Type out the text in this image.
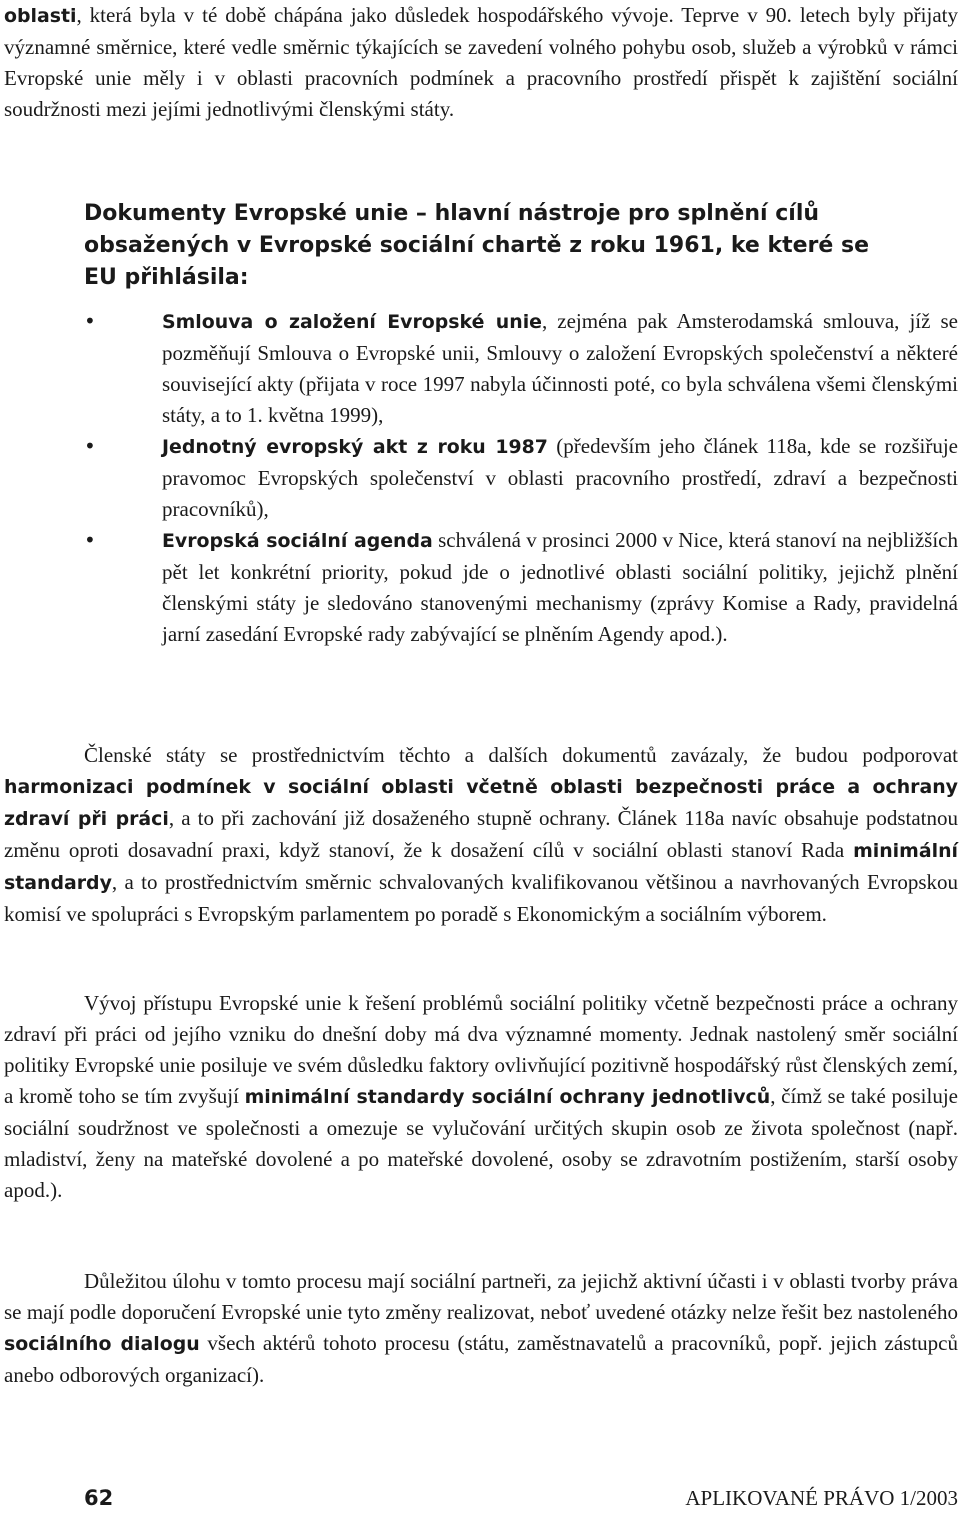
oblasti, která byla v té době chápána jako důsledek hospodářského vývoje. Teprve v 90. letech byly přijaty významné směrnice, které vedle směrnic týkajících se zavedení volného pohybu osob, služeb a výrobků v rámci Evropské unie měly i v oblasti pracovních podmínek a pracovního prostředí přispět k zajištění sociální soudržnosti mezi jejími jednotlivými členskými státy.

Dokumenty Evropské unie – hlavní nástroje pro splnění cílů obsažených v Evropské sociální chartě z roku 1961, ke které se EU přihlásila:
•	Smlouva o založení Evropské unie, zejména pak Amsterodamská smlouva, jíž se pozměňují Smlouva o Evropské unii, Smlouvy o založení Evropských společenství a některé související akty (přijata v roce 1997 nabyla účinnosti poté, co byla schválena všemi členskými státy, a to 1. května 1999),
•	Jednotný evropský akt z roku 1987 (především jeho článek 118a, kde se rozšiřuje pravomoc Evropských společenství v oblasti pracovního prostředí, zdraví a bezpečnosti pracovníků),
•	Evropská sociální agenda schválená v prosinci 2000 v Nice, která stanoví na nejbližších pět let konkrétní priority, pokud jde o jednotlivé oblasti sociální politiky, jejichž plnění členskými státy je sledováno stanovenými mechanismy (zprávy Komise a Rady, pravidelná jarní zasedání Evropské rady zabývající se plněním Agendy apod.).

Členské státy se prostřednictvím těchto a dalších dokumentů zavázaly, že budou podporovat harmonizaci podmínek v sociální oblasti včetně oblasti bezpečnosti práce a ochrany zdraví při práci, a to při zachování již dosaženého stupně ochrany. Článek 118a navíc obsahuje podstatnou změnu oproti dosavadní praxi, když stanoví, že k dosažení cílů v sociální oblasti stanoví Rada minimální standardy, a to prostřednictvím směrnic schvalovaných kvalifikovanou většinou a navrhovaných Evropskou komisí ve spolupráci s Evropským parlamentem po poradě s Ekonomickým a sociálním výborem.

Vývoj přístupu Evropské unie k řešení problémů sociální politiky včetně bezpečnosti práce a ochrany zdraví při práci od jejího vzniku do dnešní doby má dva významné momenty. Jednak nastolený směr sociální politiky Evropské unie posiluje ve svém důsledku faktory ovlivňující pozitivně hospodářský růst členských zemí, a kromě toho se tím zvyšují minimální standardy sociální ochrany jednotlivců, čímž se také posiluje sociální soudržnost ve společnosti a omezuje se vylučování určitých skupin osob ze života společnost (např. mladiství, ženy na mateřské dovolené a po mateřské dovolené, osoby se zdravotním postižením, starší osoby apod.).

Důležitou úlohu v tomto procesu mají sociální partneři, za jejichž aktivní účasti i v oblasti tvorby práva se mají podle doporučení Evropské unie tyto změny realizovat, neboť uvedené otázky nelze řešit bez nastoleného sociálního dialogu všech aktérů tohoto procesu (státu, zaměstnavatelů a pracovníků, popř. jejich zástupců anebo odborových organizací).

62	APLIKOVANÉ PRÁVO 1/2003
